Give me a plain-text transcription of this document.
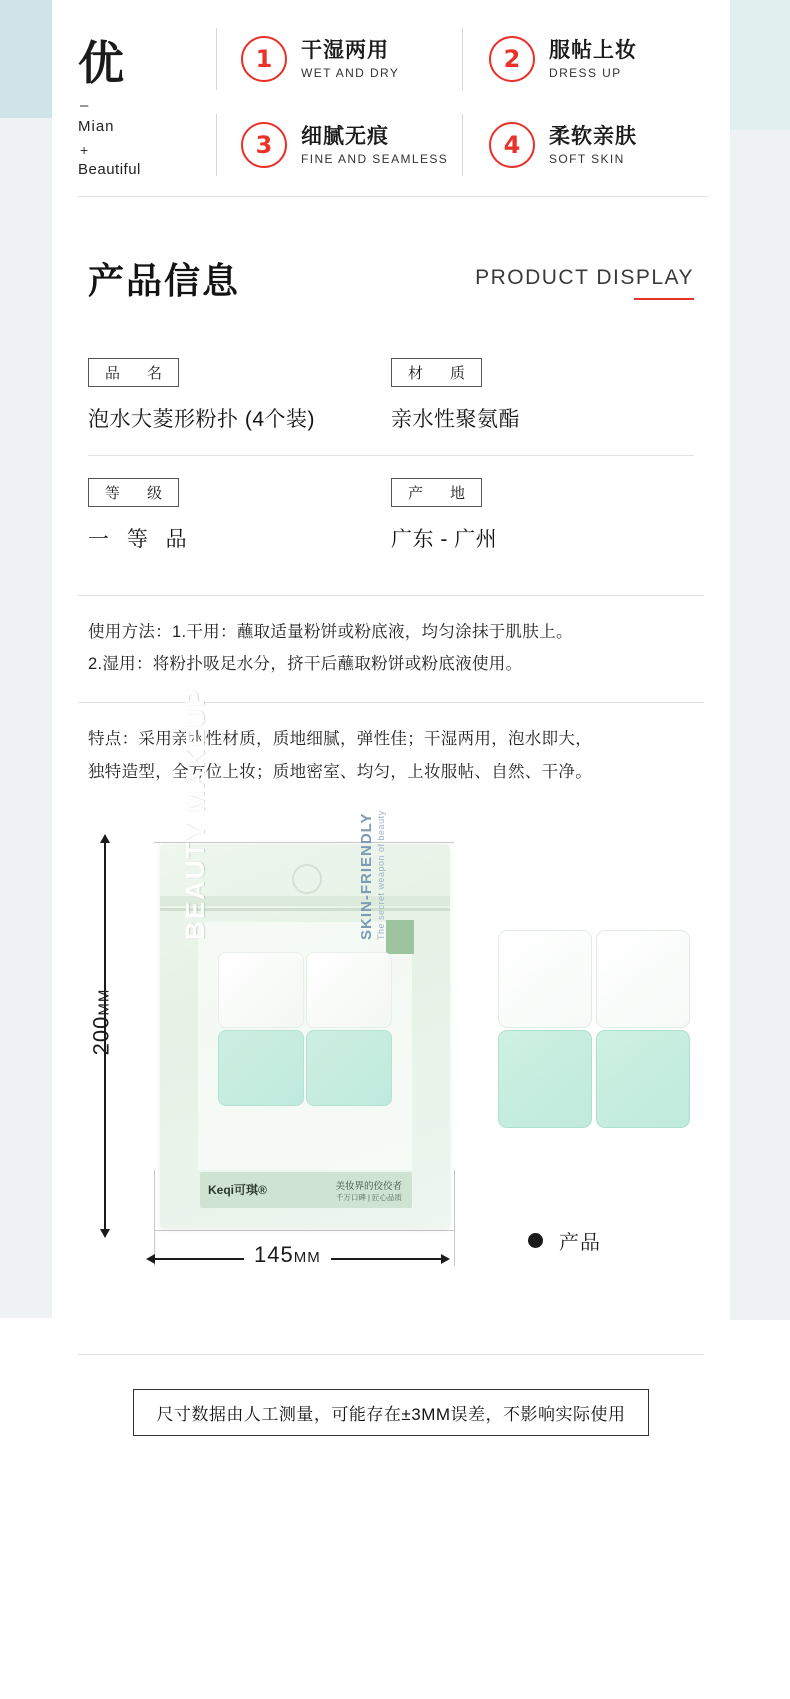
优
–
Mian
+
Beautiful
1	干湿两用
WET AND DRY
2	服帖上妆
DRESS UP
3	细腻无痕
FINE AND SEAMLESS
4	柔软亲肤
SOFT SKIN
产品信息	PRODUCT DISPLAY
品　名
泡水大菱形粉扑 (4个装)
材　质
亲水性聚氨酯
等　级
一 等 品
产　地
广东 - 广州
使用方法：1.干用：蘸取适量粉饼或粉底液，均匀涂抹于肌肤上。
2.湿用：将粉扑吸足水分，挤干后蘸取粉饼或粉底液使用。
特点：采用亲水性材质，质地细腻，弹性佳；干湿两用，泡水即大，
独特造型，全方位上妆；质地密室、均匀，上妆服帖、自然、干净。
200MM
145MM
BEAUTY MAKEUP	SKIN-FRIENDLY The secret weapon of beauty
Keqi可琪®	美妆界的佼佼者
千万口碑 | 匠心品质
产品
尺寸数据由人工测量，可能存在±3MM误差，不影响实际使用
